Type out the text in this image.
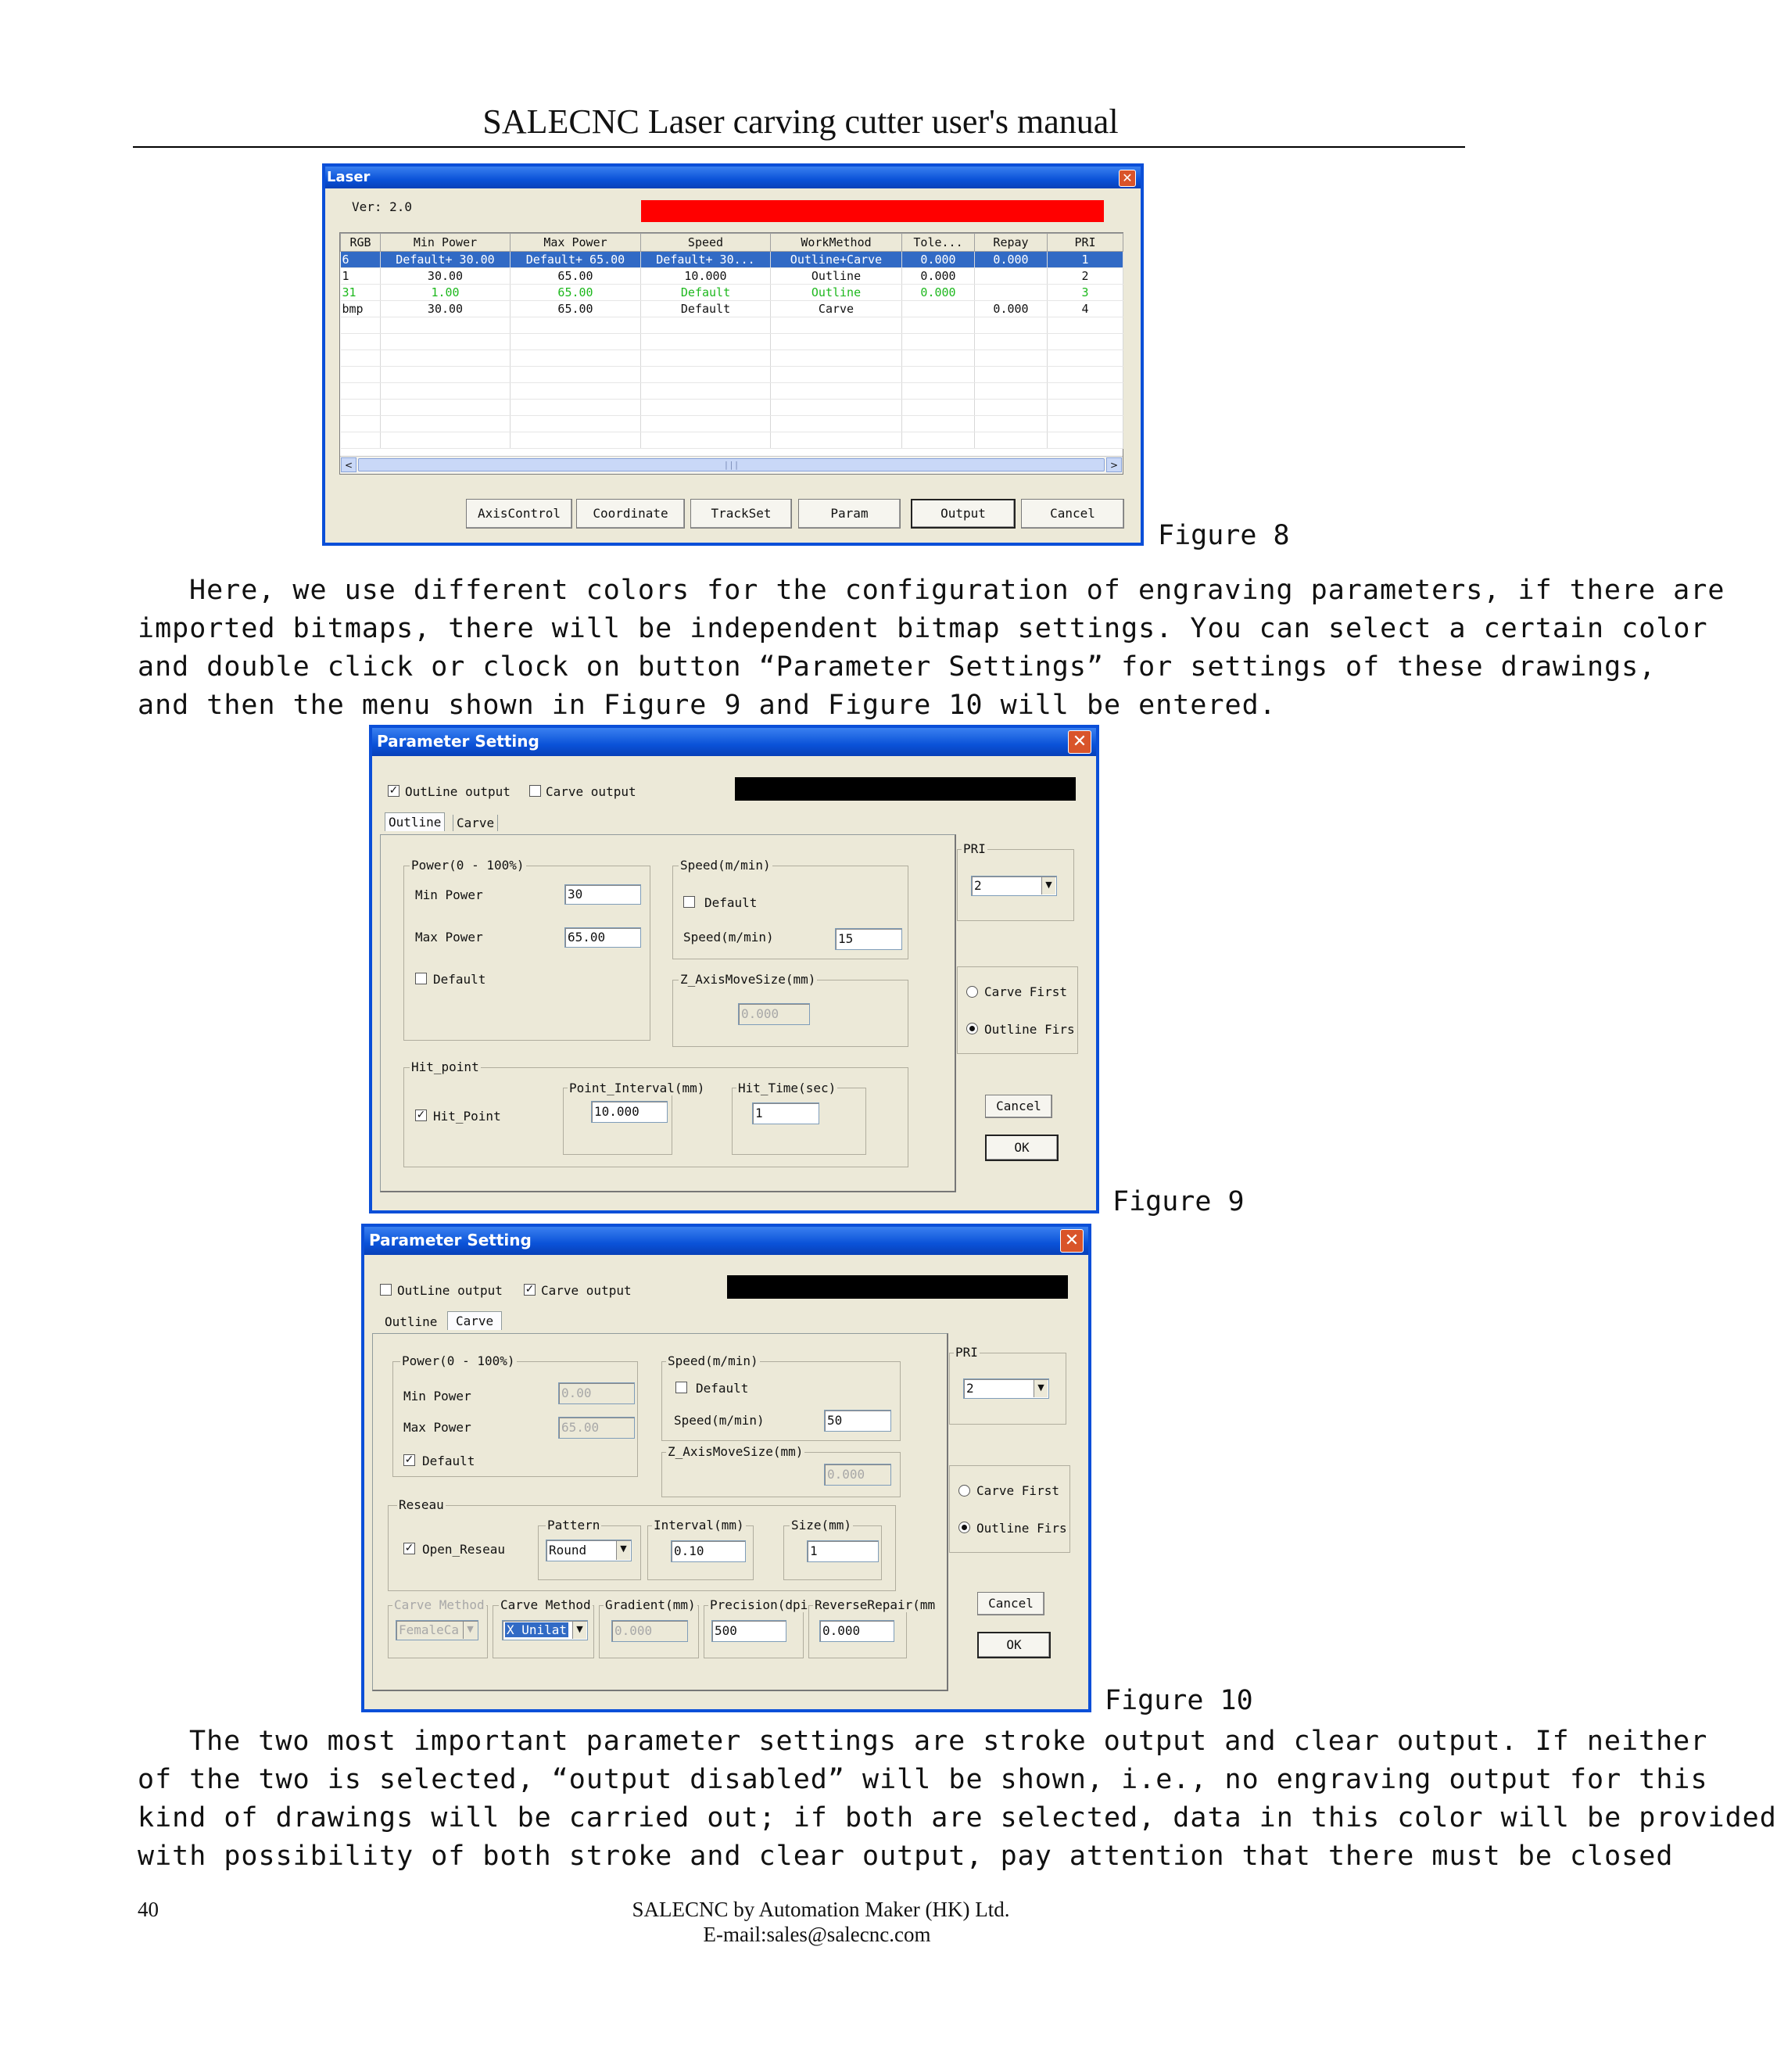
SALECNC Laser carving cutter user's manual
Laser	✕
Ver: 2.0
RGB	Min Power	Max Power	Speed	WorkMethod	Tole...	Repay	PRI
6	Default+ 30.00	Default+ 65.00	Default+ 30...	Outline+Carve	0.000	0.000	1
1	30.00	65.00	10.000	Outline	0.000		2
31	1.00	65.00	Default	Outline	0.000		3
bmp	30.00	65.00	Default	Carve		0.000	4

<	|||	>
AxisControl	Coordinate	TrackSet	Param	Output	Cancel
Figure 8
Here, we use different colors for the configuration of engraving parameters, if there are
imported bitmaps, there will be independent bitmap settings. You can select a certain color
and double click or clock on button “Parameter Settings” for settings of these drawings,
and then the menu shown in Figure 9 and Figure 10 will be entered.
Parameter Setting	✕
✓ OutLine output	Carve output
Outline	Carve
Power(0 - 100%)
Min Power	30
Max Power	65.00
Default
Speed(m/min)
Default
Speed(m/min)	15
Z_AxisMoveSize(mm)
0.000
Hit_point
✓ Hit_Point
Point_Interval(mm)
10.000
Hit_Time(sec)
1
PRI
2	▼
Carve First
Outline Firs
Cancel
OK
Figure 9
Parameter Setting	✕
OutLine output ✓ Carve output
Outline	Carve
Power(0 - 100%)
Min Power	0.00
Max Power	65.00
✓ Default
Speed(m/min)
Default
Speed(m/min)	50
Z_AxisMoveSize(mm)
0.000
Reseau
✓ Open_Reseau
Pattern
Round	▼
Interval(mm)
0.10
Size(mm)
1
Carve Method
FemaleCa ▼
Carve Method
X Unilat	▼
Gradient(mm)
0.000
Precision(dpi
500
ReverseRepair(mm
0.000
PRI
2	▼
Carve First
Outline Firs
Cancel
OK
Figure 10
The two most important parameter settings are stroke output and clear output. If neither
of the two is selected, “output disabled” will be shown, i.e., no engraving output for this
kind of drawings will be carried out; if both are selected, data in this color will be provided
with possibility of both stroke and clear output, pay attention that there must be closed
40	SALECNC by Automation Maker (HK) Ltd.
E-mail:sales@salecnc.com
